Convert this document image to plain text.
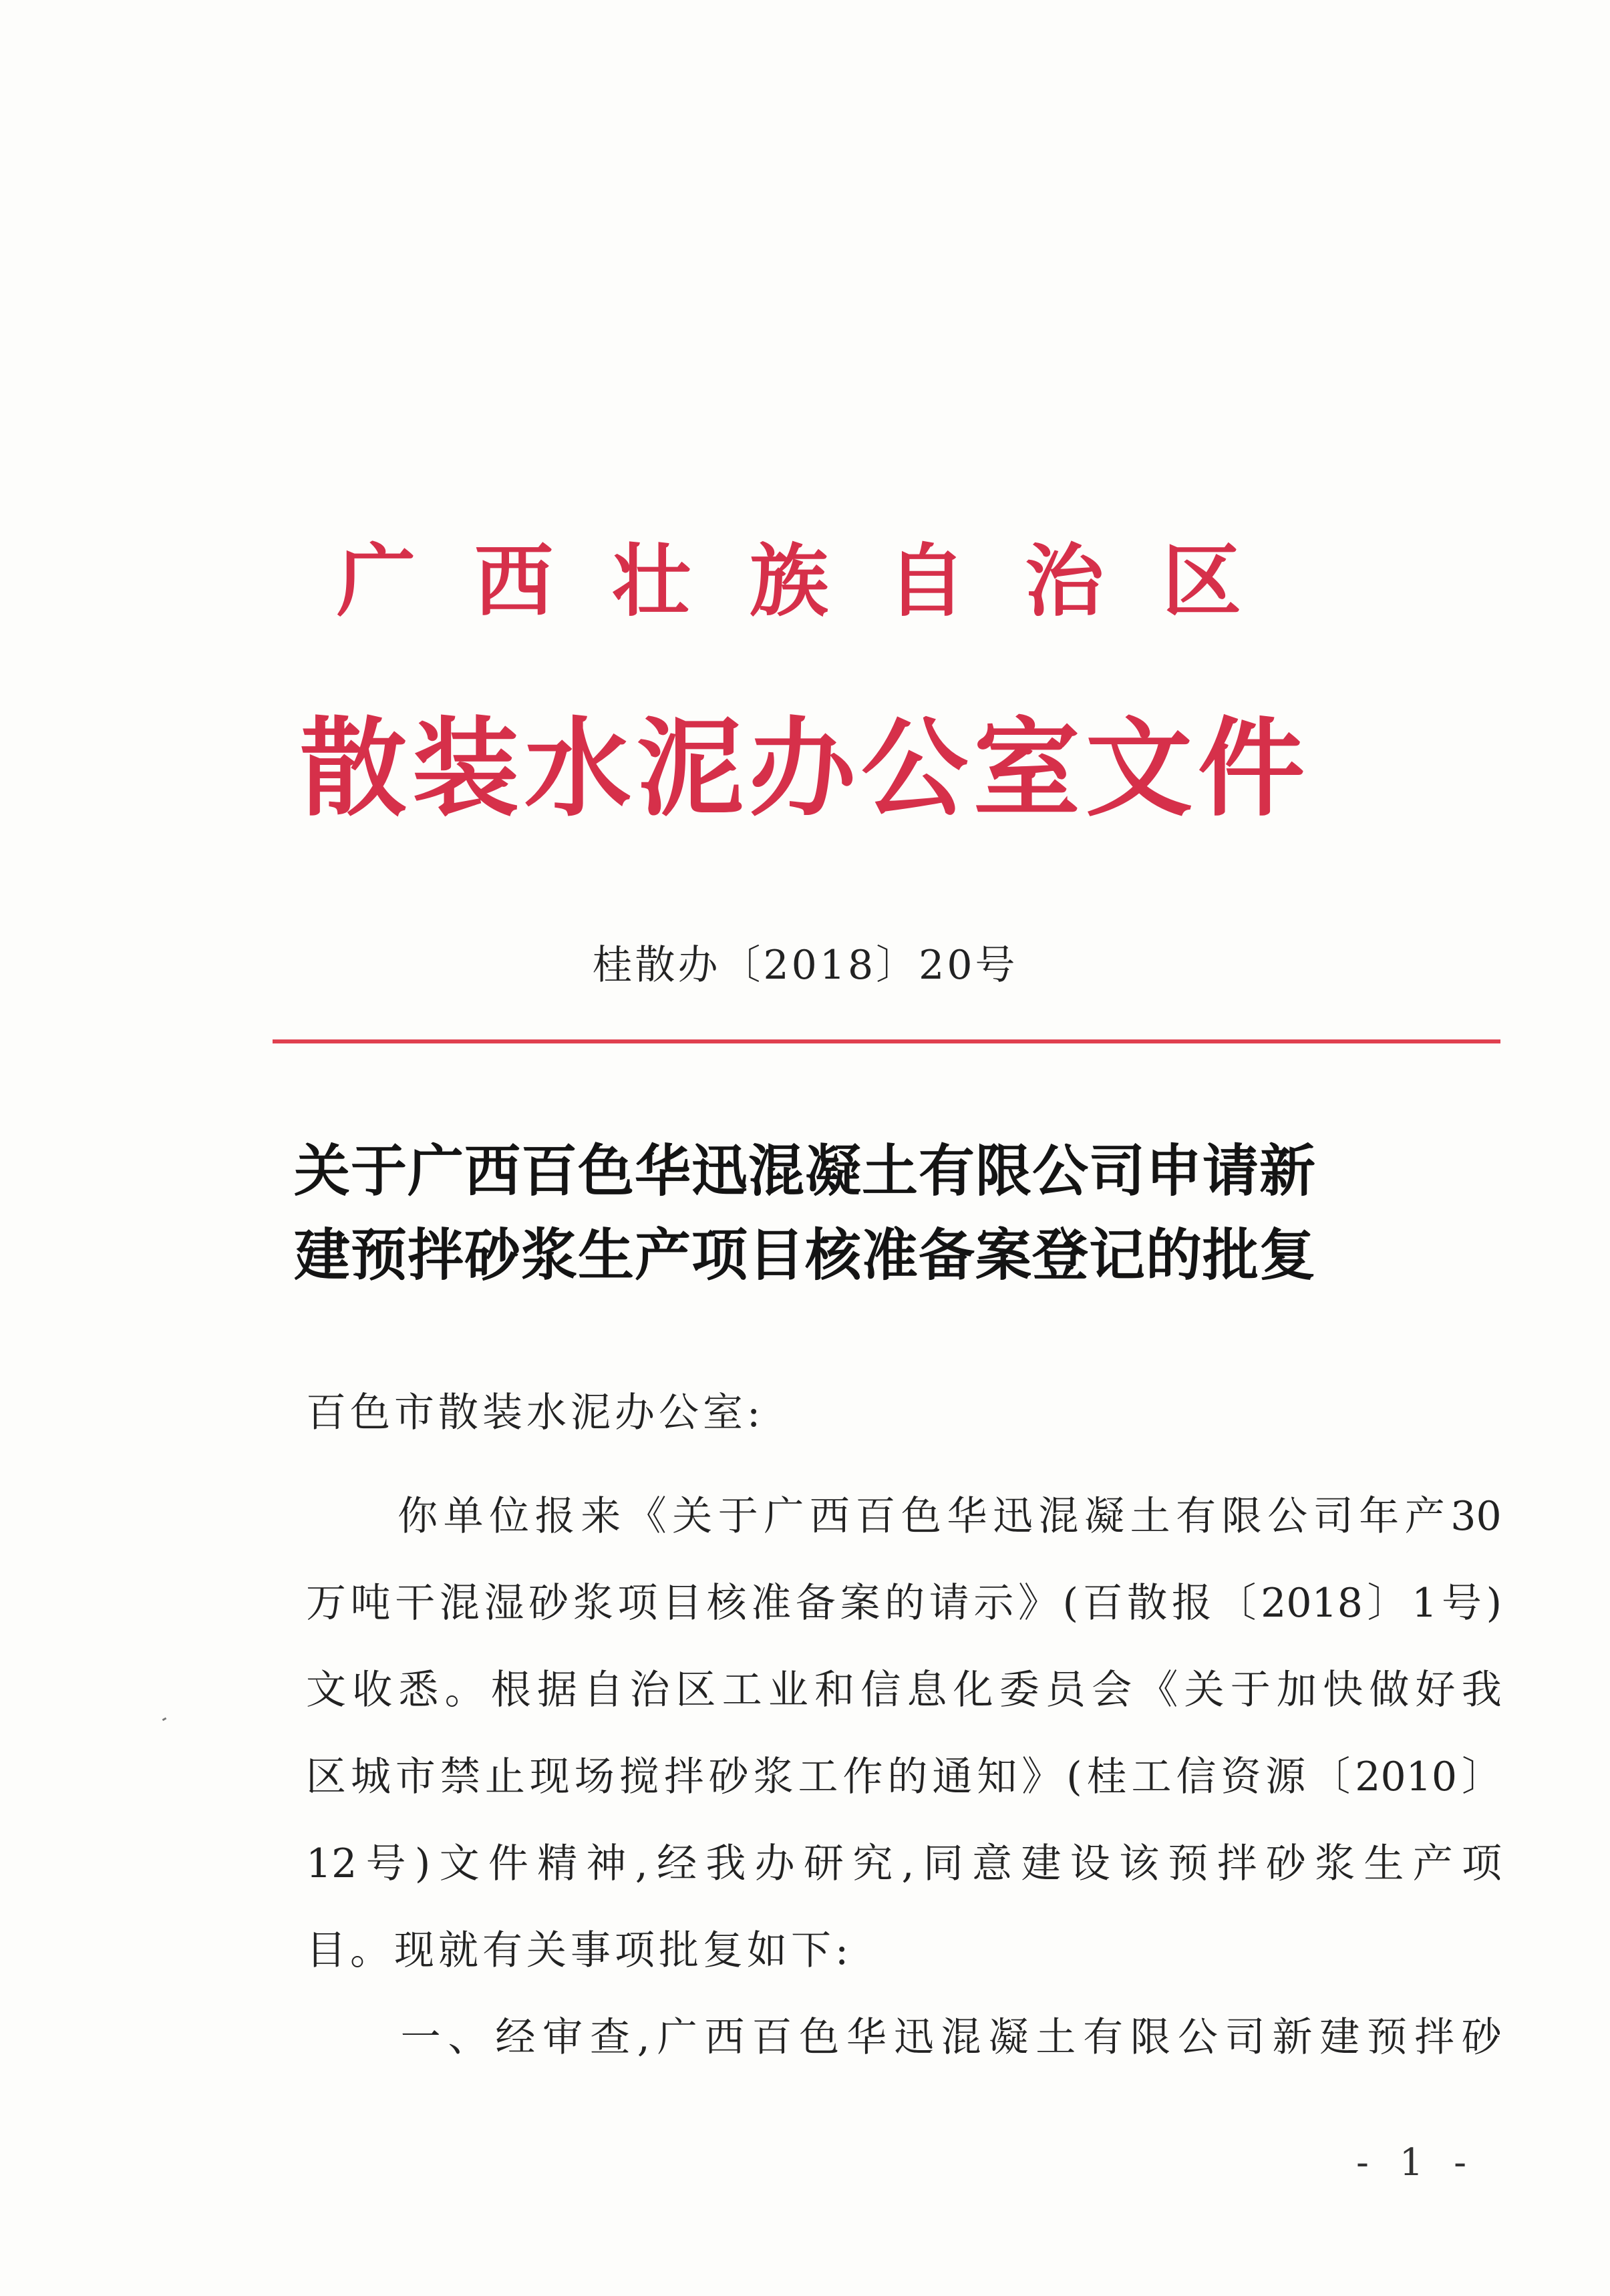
广西壮族自治区
散装水泥办公室文件
桂散办〔2018〕20号
关于广西百色华迅混凝土有限公司申请新
建预拌砂浆生产项目核准备案登记的批复
百色市散装水泥办公室:

你 单 位 报 来 《 关 于 广 西 百 色 华 迅 混 凝 土 有 限 公 司 年 产 30
万 吨 干 混 湿 砂 浆 项 目 核 准 备 案 的 请 示 》 ( 百 散 报 〔 2018 〕 1 号 )
文 收 悉 。 根 据 自 治 区 工 业 和 信 息 化 委 员 会 《 关 于 加 快 做 好 我
区 城 市 禁 止 现 场 搅 拌 砂 浆 工 作 的 通 知 》 ( 桂 工 信 资 源 〔 2010 〕
12 号 ) 文 件 精 神 , 经 我 办 研 究 , 同 意 建 设 该 预 拌 砂 浆 生 产 项
目。现就有关事项批复如下:

一 、 经 审 查 , 广 西 百 色 华 迅 混 凝 土 有 限 公 司 新 建 预 拌 砂
- 1 -
